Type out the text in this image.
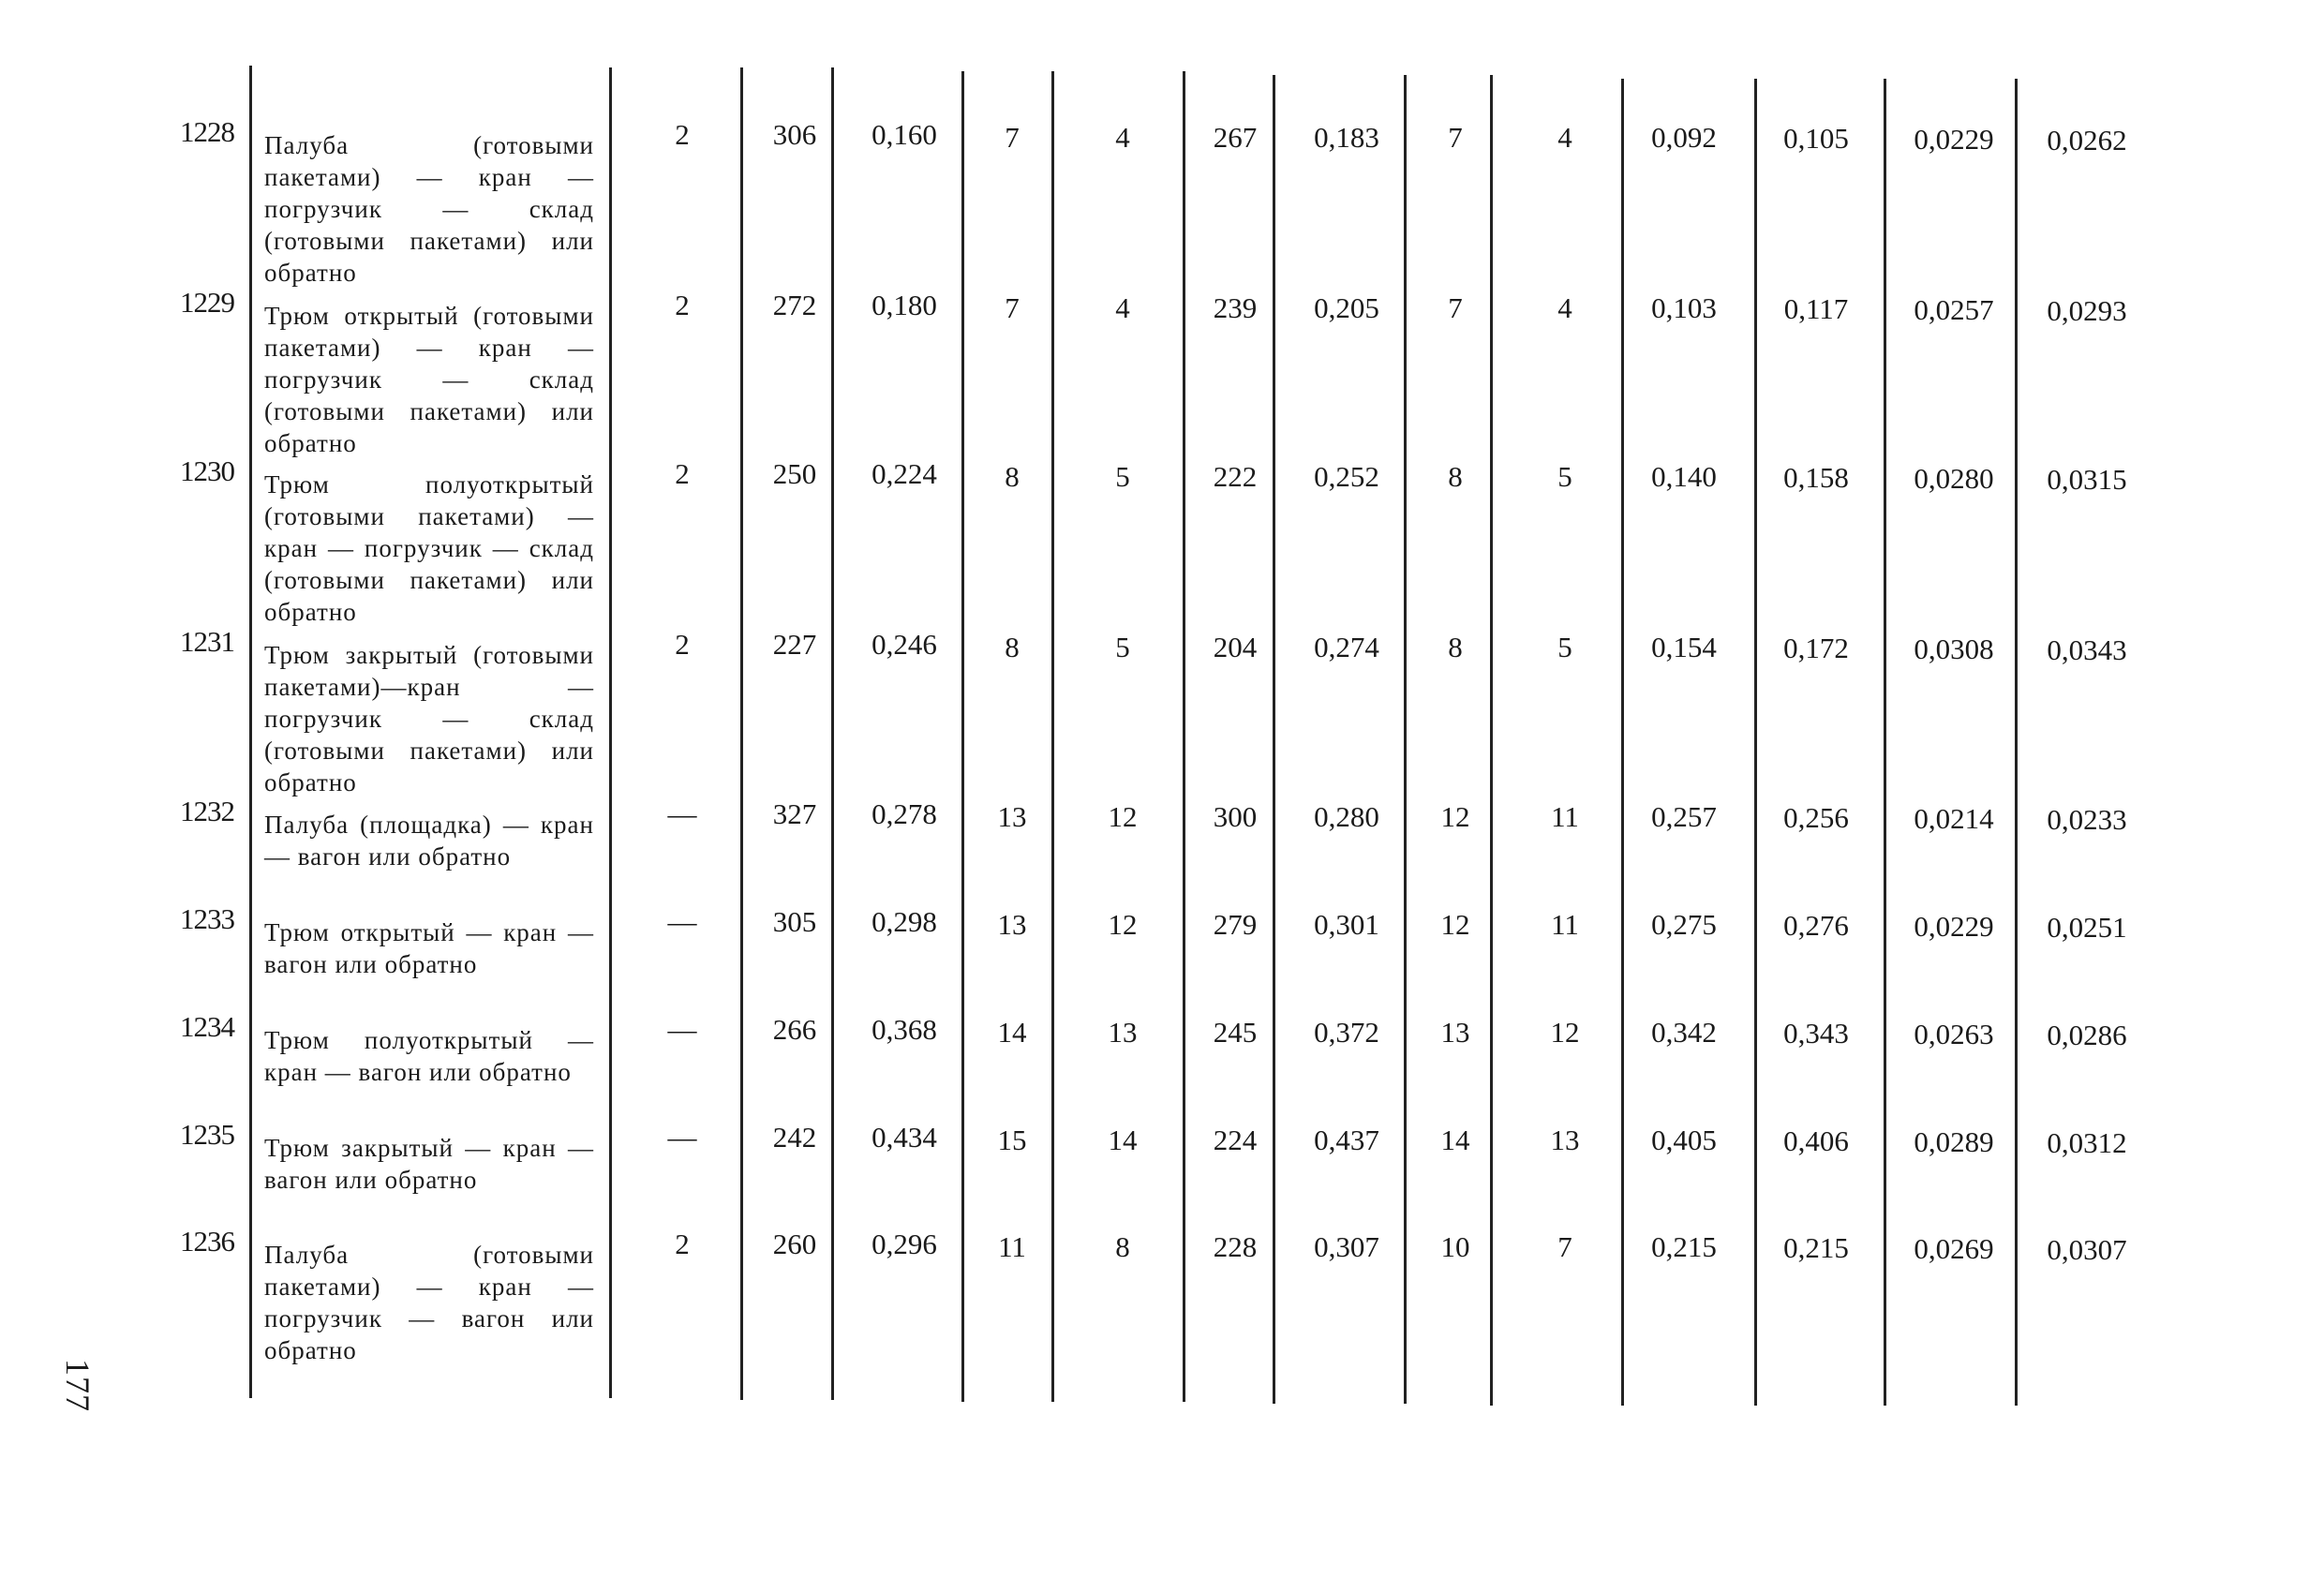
1228 Палуба (готовыми пакетами) — кран — погрузчик — склад (готовыми пакетами) или обратно
2	306	0,160	7	4	267	0,183	7	4	0,092	0,105	0,0229	0,0262
1229 Трюм открытый (готовыми пакетами) — кран — погрузчик — склад (готовыми пакетами) или обратно
2	272	0,180	7	4	239	0,205	7	4	0,103	0,117	0,0257	0,0293
1230 Трюм полуоткрытый (готовыми пакетами) — кран — погрузчик — склад (готовыми пакетами) или обратно
2	250	0,224	8	5	222	0,252	8	5	0,140	0,158	0,0280	0,0315
1231 Трюм закрытый (готовыми пакетами)—кран — погрузчик — склад (готовыми пакетами) или обратно
2	227	0,246	8	5	204	0,274	8	5	0,154	0,172	0,0308	0,0343
1232 Палуба (площадка) — кран — вагон или обратно
—	327	0,278	13	12	300	0,280	12	11	0,257	0,256	0,0214	0,0233
1233 Трюм открытый — кран — вагон или обратно
—	305	0,298	13	12	279	0,301	12	11	0,275	0,276	0,0229	0,0251
1234 Трюм полуоткрытый — кран — вагон или обратно
—	266	0,368	14	13	245	0,372	13	12	0,342	0,343	0,0263	0,0286
1235 Трюм закрытый — кран — вагон или обратно
—	242	0,434	15	14	224	0,437	14	13	0,405	0,406	0,0289	0,0312
1236 Палуба (готовыми пакетами) — кран — погрузчик — вагон или обратно
2	260	0,296	11	8	228	0,307	10	7	0,215	0,215	0,0269	0,0307
177
